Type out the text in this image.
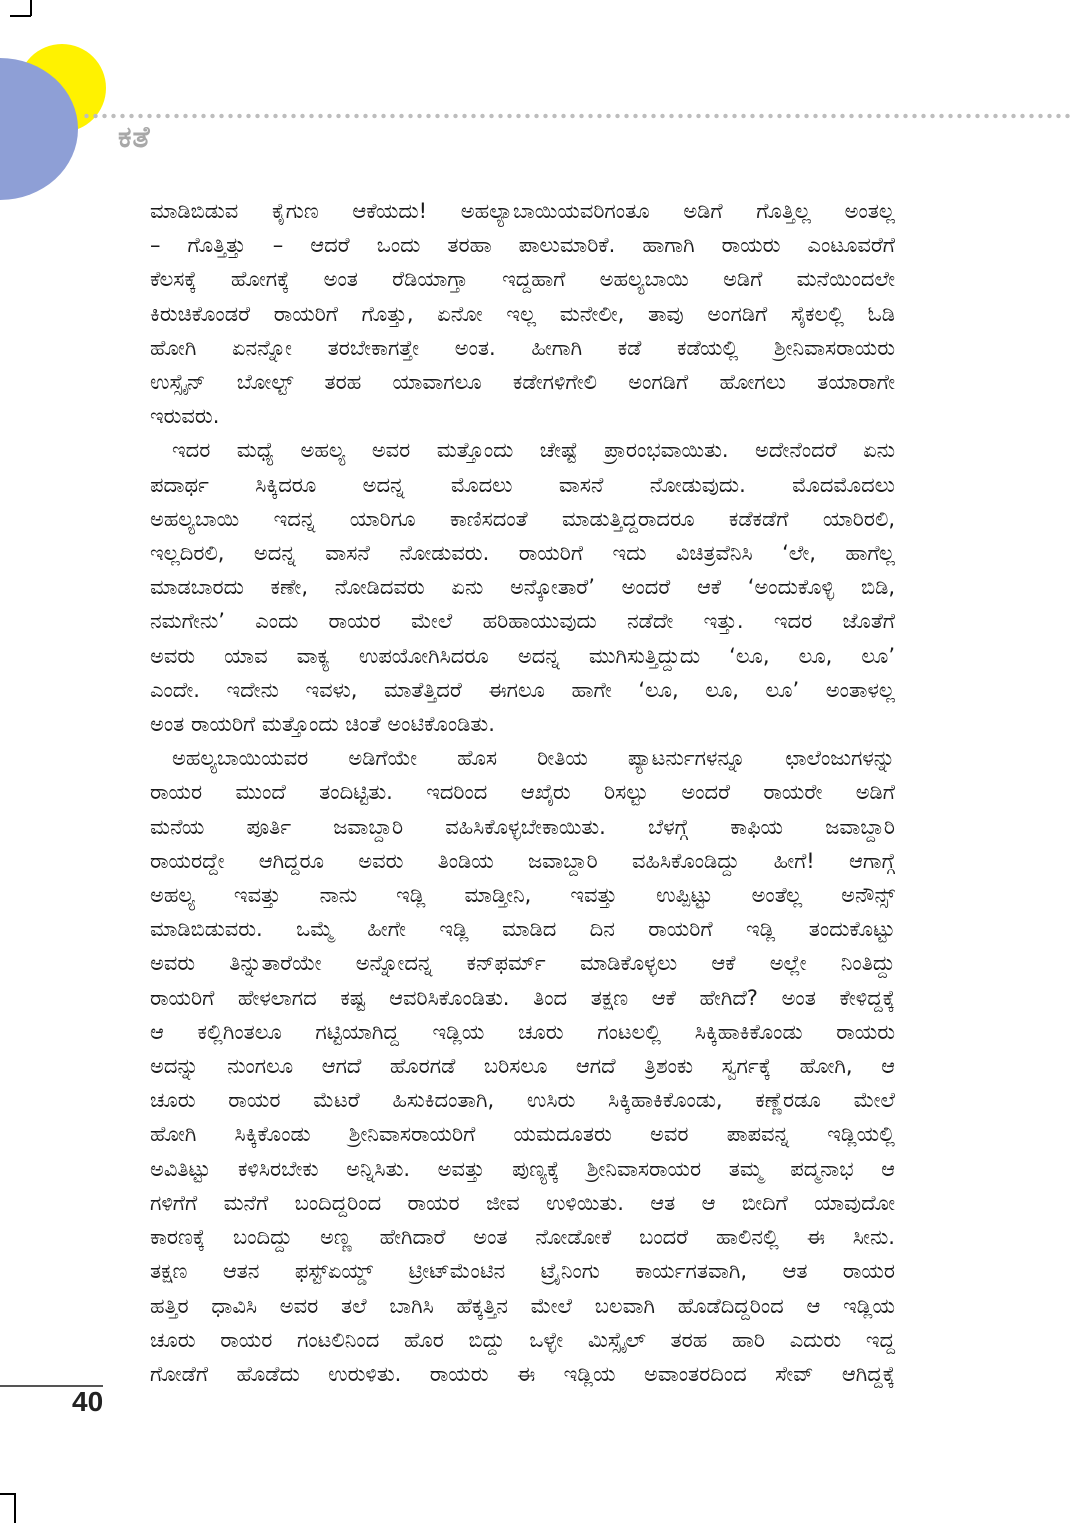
ಕತೆ
ಮಾಡಿಬಿಡುವ ಕೈಗುಣ ಆಕೆಯದು! ಅಹಲ್ಯಾಬಾಯಿಯವರಿಗಂತೂ ಅಡಿಗೆ ಗೊತ್ತಿಲ್ಲ ಅಂತಲ್ಲ
– ಗೊತ್ತಿತ್ತು – ಆದರೆ ಒಂದು ತರಹಾ ಪಾಲುಮಾರಿಕೆ. ಹಾಗಾಗಿ ರಾಯರು ಎಂಟೂವರೆಗೆ
ಕೆಲಸಕ್ಕೆ ಹೋಗಕ್ಕೆ ಅಂತ ರೆಡಿಯಾಗ್ತಾ ಇದ್ದಹಾಗೆ ಅಹಲ್ಯಬಾಯಿ ಅಡಿಗೆ ಮನೆಯಿಂದಲೇ
ಕಿರುಚಿಕೊಂಡರೆ ರಾಯರಿಗೆ ಗೊತ್ತು, ಏನೋ ಇಲ್ಲ ಮನೇಲೀ, ತಾವು ಅಂಗಡಿಗೆ ಸೈಕಲಲ್ಲಿ ಓಡಿ
ಹೋಗಿ ಏನನ್ನೋ ತರಬೇಕಾಗತ್ತೇ ಅಂತ. ಹೀಗಾಗಿ ಕಡೆ ಕಡೆಯಲ್ಲಿ ಶ್ರೀನಿವಾಸರಾಯರು
ಉಸ್ಸೈನ್ ಬೋಲ್ಟ್ ತರಹ ಯಾವಾಗಲೂ ಕಡೇಗಳಿಗೇಲಿ ಅಂಗಡಿಗೆ ಹೋಗಲು ತಯಾರಾಗೇ
ಇರುವರು.
ಇದರ ಮಧ್ಯೆ ಅಹಲ್ಯ ಅವರ ಮತ್ತೊಂದು ಚೇಷ್ಟೆ ಪ್ರಾರಂಭವಾಯಿತು. ಅದೇನೆಂದರೆ ಏನು
ಪದಾರ್ಥ ಸಿಕ್ಕಿದರೂ ಅದನ್ನ ಮೊದಲು ವಾಸನೆ ನೋಡುವುದು. ಮೊದಮೊದಲು
ಅಹಲ್ಯಬಾಯಿ ಇದನ್ನ ಯಾರಿಗೂ ಕಾಣಿಸದಂತೆ ಮಾಡುತ್ತಿದ್ದರಾದರೂ ಕಡೆಕಡೆಗೆ ಯಾರಿರಲಿ,
ಇಲ್ಲದಿರಲಿ, ಅದನ್ನ ವಾಸನೆ ನೋಡುವರು. ರಾಯರಿಗೆ ಇದು ವಿಚಿತ್ರವೆನಿಸಿ ‘ಲೇ, ಹಾಗೆಲ್ಲ
ಮಾಡಬಾರದು ಕಣೇ, ನೋಡಿದವರು ಏನು ಅನ್ಕೋತಾರೆ’ ಅಂದರೆ ಆಕೆ ‘ಅಂದುಕೊಳ್ಳಿ ಬಿಡಿ,
ನಮಗೇನು’ ಎಂದು ರಾಯರ ಮೇಲೆ ಹರಿಹಾಯುವುದು ನಡೆದೇ ಇತ್ತು. ಇದರ ಜೊತೆಗೆ
ಅವರು ಯಾವ ವಾಕ್ಯ ಉಪಯೋಗಿಸಿದರೂ ಅದನ್ನ ಮುಗಿಸುತ್ತಿದ್ದುದು ‘ಲೂ, ಲೂ, ಲೂ’
ಎಂದೇ. ಇದೇನು ಇವಳು, ಮಾತೆತ್ತಿದರೆ ಈಗಲೂ ಹಾಗೇ ‘ಲೂ, ಲೂ, ಲೂ’ ಅಂತಾಳಲ್ಲ
ಅಂತ ರಾಯರಿಗೆ ಮತ್ತೊಂದು ಚಿಂತೆ ಅಂಟಿಕೊಂಡಿತು.
ಅಹಲ್ಯಬಾಯಿಯವರ ಅಡಿಗೆಯೇ ಹೊಸ ರೀತಿಯ ಪ್ಯಾಟರ್ನುಗಳನ್ನೂ ಛಾಲೆಂಜುಗಳನ್ನು
ರಾಯರ ಮುಂದೆ ತಂದಿಟ್ಟಿತು. ಇದರಿಂದ ಆಖೈರು ರಿಸಲ್ಟು ಅಂದರೆ ರಾಯರೇ ಅಡಿಗೆ
ಮನೆಯ ಪೂರ್ತಿ ಜವಾಬ್ದಾರಿ ವಹಿಸಿಕೊಳ್ಳಬೇಕಾಯಿತು. ಬೆಳಗ್ಗೆ ಕಾಫಿಯ ಜವಾಬ್ದಾರಿ
ರಾಯರದ್ದೇ ಆಗಿದ್ದರೂ ಅವರು ತಿಂಡಿಯ ಜವಾಬ್ದಾರಿ ವಹಿಸಿಕೊಂಡಿದ್ದು ಹೀಗೆ! ಆಗಾಗ್ಗೆ
ಅಹಲ್ಯ ಇವತ್ತು ನಾನು ಇಡ್ಲಿ ಮಾಡ್ತೀನಿ, ಇವತ್ತು ಉಪ್ಪಿಟ್ಟು ಅಂತೆಲ್ಲ ಅನೌನ್ಸ್
ಮಾಡಿಬಿಡುವರು. ಒಮ್ಮೆ ಹೀಗೇ ಇಡ್ಲಿ ಮಾಡಿದ ದಿನ ರಾಯರಿಗೆ ಇಡ್ಲಿ ತಂದುಕೊಟ್ಟು
ಅವರು ತಿನ್ನುತಾರೆಯೇ ಅನ್ನೋದನ್ನ ಕನ್‌ಫರ್ಮ್ ಮಾಡಿಕೊಳ್ಳಲು ಆಕೆ ಅಲ್ಲೇ ನಿಂತಿದ್ದು
ರಾಯರಿಗೆ ಹೇಳಲಾಗದ ಕಷ್ಟ ಆವರಿಸಿಕೊಂಡಿತು. ತಿಂದ ತಕ್ಷಣ ಆಕೆ ಹೇಗಿದೆ? ಅಂತ ಕೇಳಿದ್ದಕ್ಕೆ
ಆ ಕಲ್ಲಿಗಿಂತಲೂ ಗಟ್ಟಿಯಾಗಿದ್ದ ಇಡ್ಲಿಯ ಚೂರು ಗಂಟಲಲ್ಲಿ ಸಿಕ್ಕಿಹಾಕಿಕೊಂಡು ರಾಯರು
ಅದನ್ನು ನುಂಗಲೂ ಆಗದೆ ಹೊರಗಡೆ ಬರಿಸಲೂ ಆಗದೆ ತ್ರಿಶಂಕು ಸ್ವರ್ಗಕ್ಕೆ ಹೋಗಿ, ಆ
ಚೂರು ರಾಯರ ಮೆಟರೆ ಹಿಸುಕಿದಂತಾಗಿ, ಉಸಿರು ಸಿಕ್ಕಿಹಾಕಿಕೊಂಡು, ಕಣ್ಣೆರಡೂ ಮೇಲೆ
ಹೋಗಿ ಸಿಕ್ಕಿಕೊಂಡು ಶ್ರೀನಿವಾಸರಾಯರಿಗೆ ಯಮದೂತರು ಅವರ ಪಾಪವನ್ನ ಇಡ್ಲಿಯಲ್ಲಿ
ಅವಿತಿಟ್ಟು ಕಳಿಸಿರಬೇಕು ಅನ್ನಿಸಿತು. ಅವತ್ತು ಪುಣ್ಯಕ್ಕೆ ಶ್ರೀನಿವಾಸರಾಯರ ತಮ್ಮ ಪದ್ಮನಾಭ ಆ
ಗಳಿಗೆಗೆ ಮನೆಗೆ ಬಂದಿದ್ದರಿಂದ ರಾಯರ ಜೀವ ಉಳಿಯಿತು. ಆತ ಆ ಬೀದಿಗೆ ಯಾವುದೋ
ಕಾರಣಕ್ಕೆ ಬಂದಿದ್ದು ಅಣ್ಣ ಹೇಗಿದಾರೆ ಅಂತ ನೋಡೋಕೆ ಬಂದರೆ ಹಾಲಿನಲ್ಲಿ ಈ ಸೀನು.
ತಕ್ಷಣ ಆತನ ಫಸ್ಟ್‌ಏಯ್ಡ್ ಟ್ರೀಟ್‌ಮೆಂಟಿನ ಟ್ರೈನಿಂಗು ಕಾರ್ಯಗತವಾಗಿ, ಆತ ರಾಯರ
ಹತ್ತಿರ ಧಾವಿಸಿ ಅವರ ತಲೆ ಬಾಗಿಸಿ ಹೆಕ್ಕತ್ತಿನ ಮೇಲೆ ಬಲವಾಗಿ ಹೊಡೆದಿದ್ದರಿಂದ ಆ ಇಡ್ಲಿಯ
ಚೂರು ರಾಯರ ಗಂಟಲಿನಿಂದ ಹೊರ ಬಿದ್ದು ಒಳ್ಳೇ ಮಿಸ್ಸೈಲ್ ತರಹ ಹಾರಿ ಎದುರು ಇದ್ದ
ಗೋಡೆಗೆ ಹೊಡೆದು ಉರುಳಿತು. ರಾಯರು ಈ ಇಡ್ಲಿಯ ಅವಾಂತರದಿಂದ ಸೇವ್ ಆಗಿದ್ದಕ್ಕೆ
40
